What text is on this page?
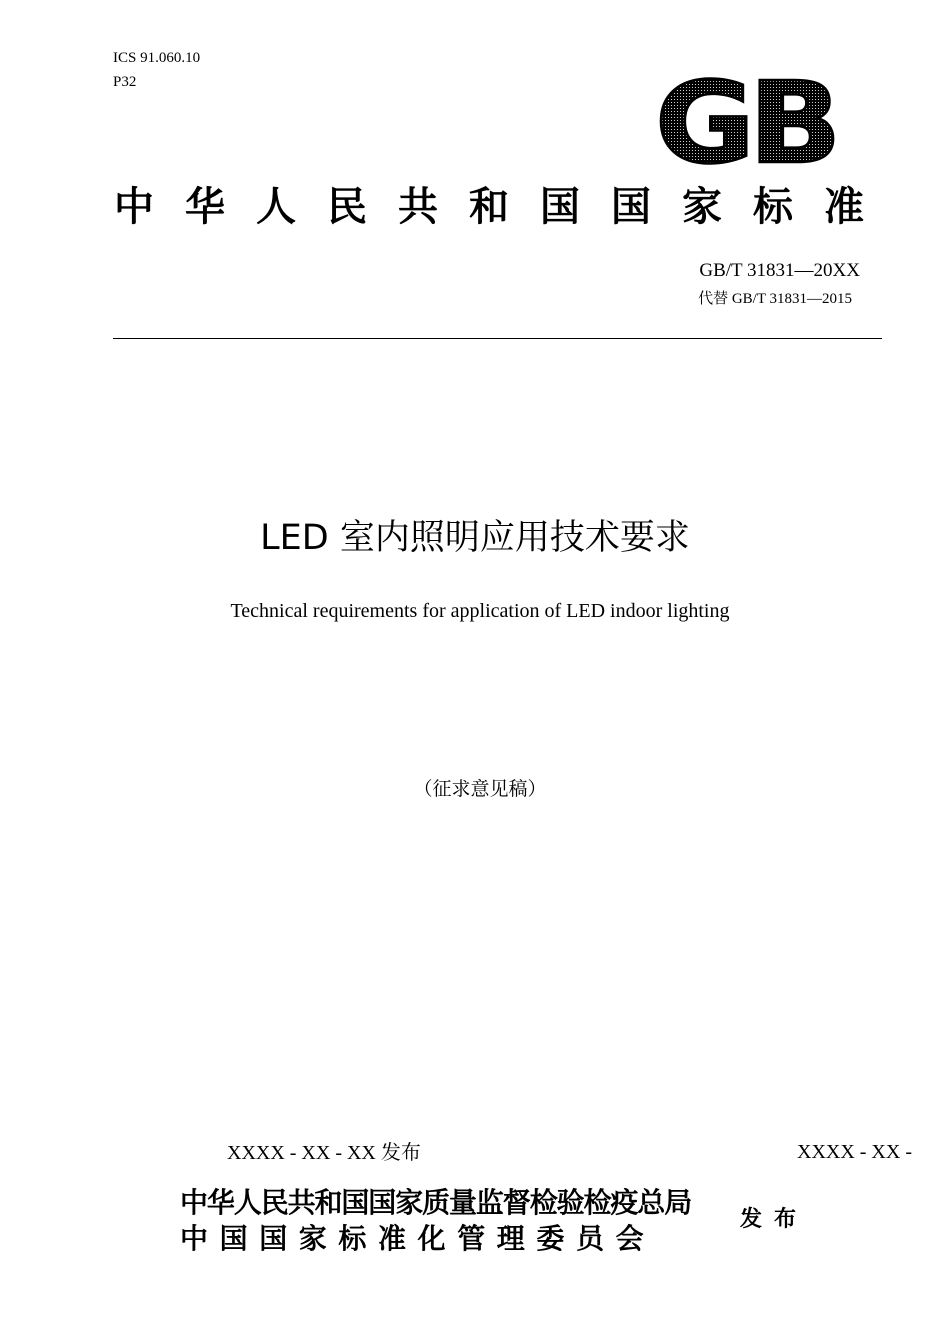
ICS 91.060.10
P32	GB
中华人民共和国国家标准
GB/T 31831—20XX
代替 GB/T 31831—2015
LED 室内照明应用技术要求
Technical requirements for application of LED indoor lighting
（征求意见稿）
XXXX - XX - XX 发布	XXXX - XX -
中华人民共和国国家质量监督检验检疫总局
中国国家标准化管理委员会
发布
